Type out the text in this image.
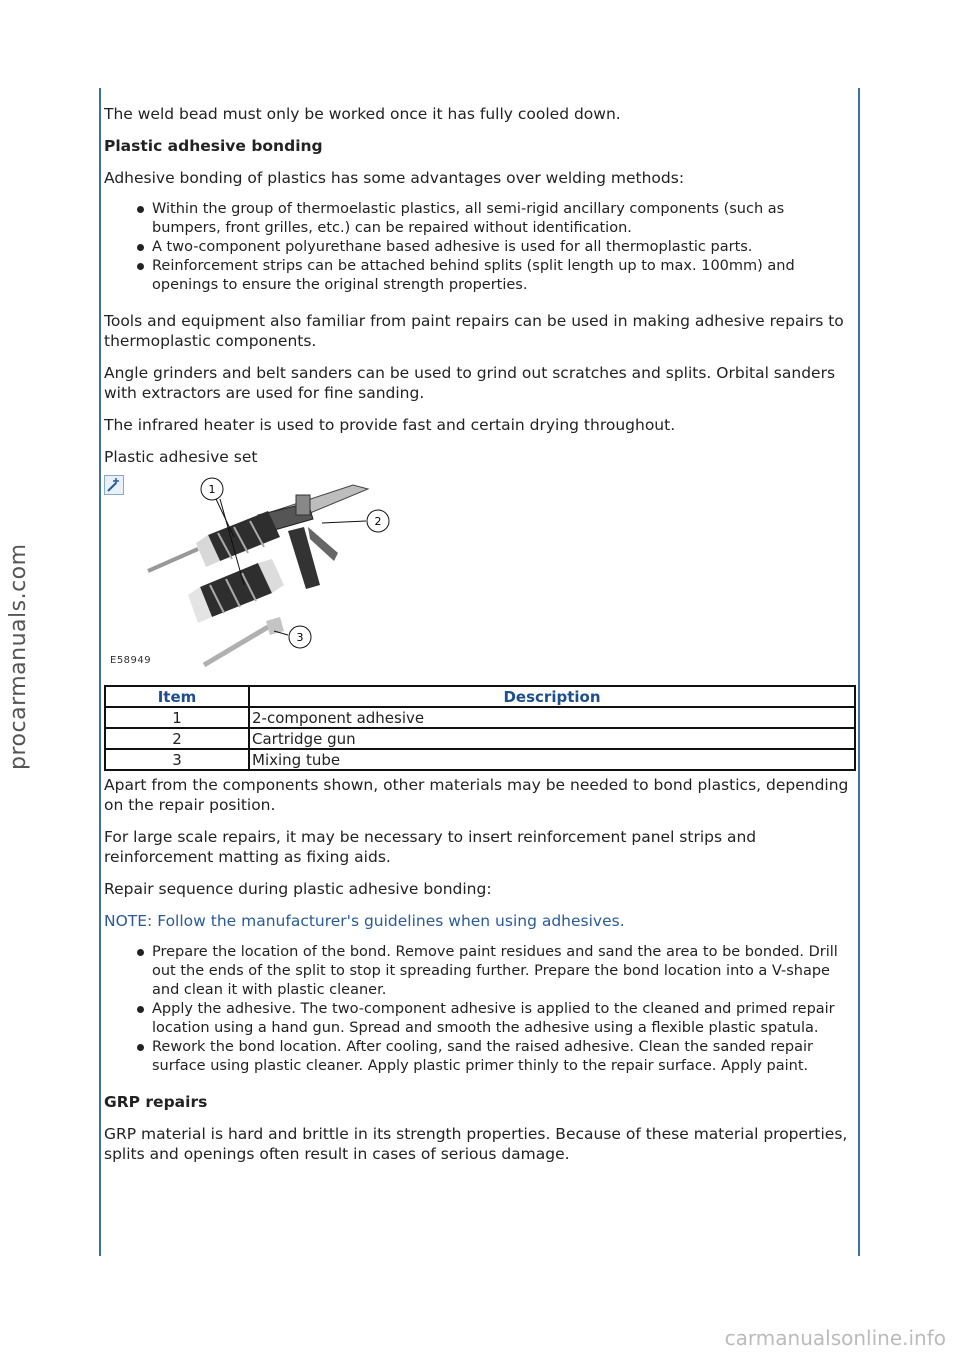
procarmanuals.com
carmanualsonline.info

The weld bead must only be worked once it has fully cooled down.

Plastic adhesive bonding

Adhesive bonding of plastics has some advantages over welding methods:

Within the group of thermoelastic plastics, all semi-rigid ancillary components (such as bumpers, front grilles, etc.) can be repaired without identification.
A two-component polyurethane based adhesive is used for all thermoplastic parts.
Reinforcement strips can be attached behind splits (split length up to max. 100mm) and openings to ensure the original strength properties.

Tools and equipment also familiar from paint repairs can be used in making adhesive repairs to thermoplastic components.

Angle grinders and belt sanders can be used to grind out scratches and splits. Orbital sanders with extractors are used for fine sanding.

The infrared heater is used to provide fast and certain drying throughout.

Plastic adhesive set

1
2
3
E58949
Item	Description
1	2-component adhesive
2	Cartridge gun
3	Mixing tube

Apart from the components shown, other materials may be needed to bond plastics, depending on the repair position.

For large scale repairs, it may be necessary to insert reinforcement panel strips and reinforcement matting as fixing aids.

Repair sequence during plastic adhesive bonding:

NOTE: Follow the manufacturer's guidelines when using adhesives.

Prepare the location of the bond. Remove paint residues and sand the area to be bonded. Drill out the ends of the split to stop it spreading further. Prepare the bond location into a V-shape and clean it with plastic cleaner.
Apply the adhesive. The two-component adhesive is applied to the cleaned and primed repair location using a hand gun. Spread and smooth the adhesive using a flexible plastic spatula.
Rework the bond location. After cooling, sand the raised adhesive. Clean the sanded repair surface using plastic cleaner. Apply plastic primer thinly to the repair surface. Apply paint.

GRP repairs

GRP material is hard and brittle in its strength properties. Because of these material properties, splits and openings often result in cases of serious damage.
